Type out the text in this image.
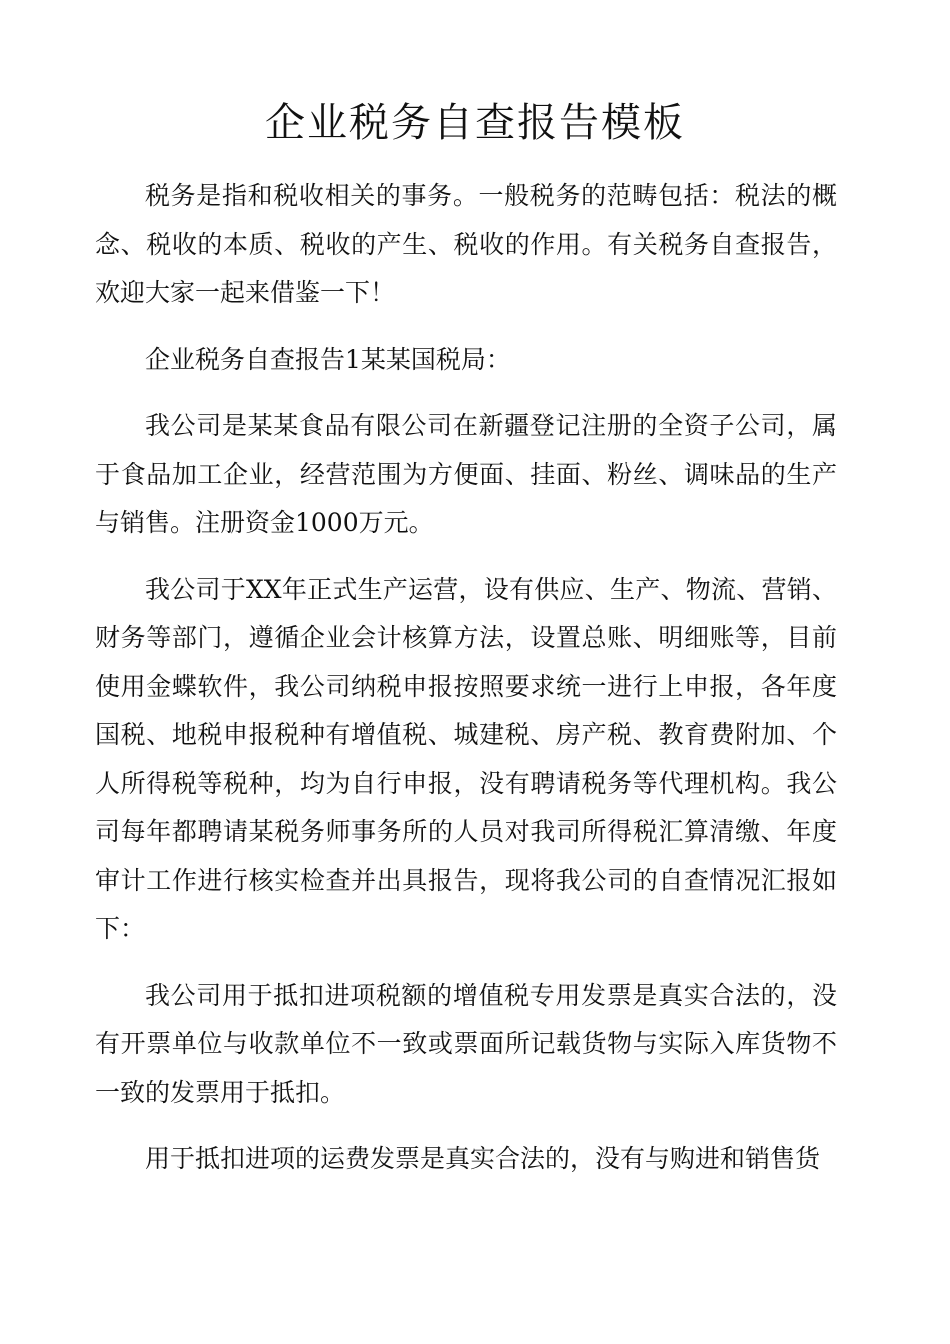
企业税务自查报告模板

税务是指和税收相关的事务。一般税务的范畴包括：税法的概念、税收的本质、税收的产生、税收的作用。有关税务自查报告，欢迎大家一起来借鉴一下！

企业税务自查报告1某某国税局：

我公司是某某食品有限公司在新疆登记注册的全资子公司，属于食品加工企业，经营范围为方便面、挂面、粉丝、调味品的生产与销售。注册资金1000万元。

我公司于XX年正式生产运营，设有供应、生产、物流、营销、财务等部门，遵循企业会计核算方法，设置总账、明细账等，目前使用金蝶软件，我公司纳税申报按照要求统一进行上申报，各年度国税、地税申报税种有增值税、城建税、房产税、教育费附加、个人所得税等税种，均为自行申报，没有聘请税务等代理机构。我公司每年都聘请某税务师事务所的人员对我司所得税汇算清缴、年度审计工作进行核实检查并出具报告，现将我公司的自查情况汇报如下：

我公司用于抵扣进项税额的增值税专用发票是真实合法的，没有开票单位与收款单位不一致或票面所记载货物与实际入库货物不一致的发票用于抵扣。

用于抵扣进项的运费发票是真实合法的，没有与购进和销售货
